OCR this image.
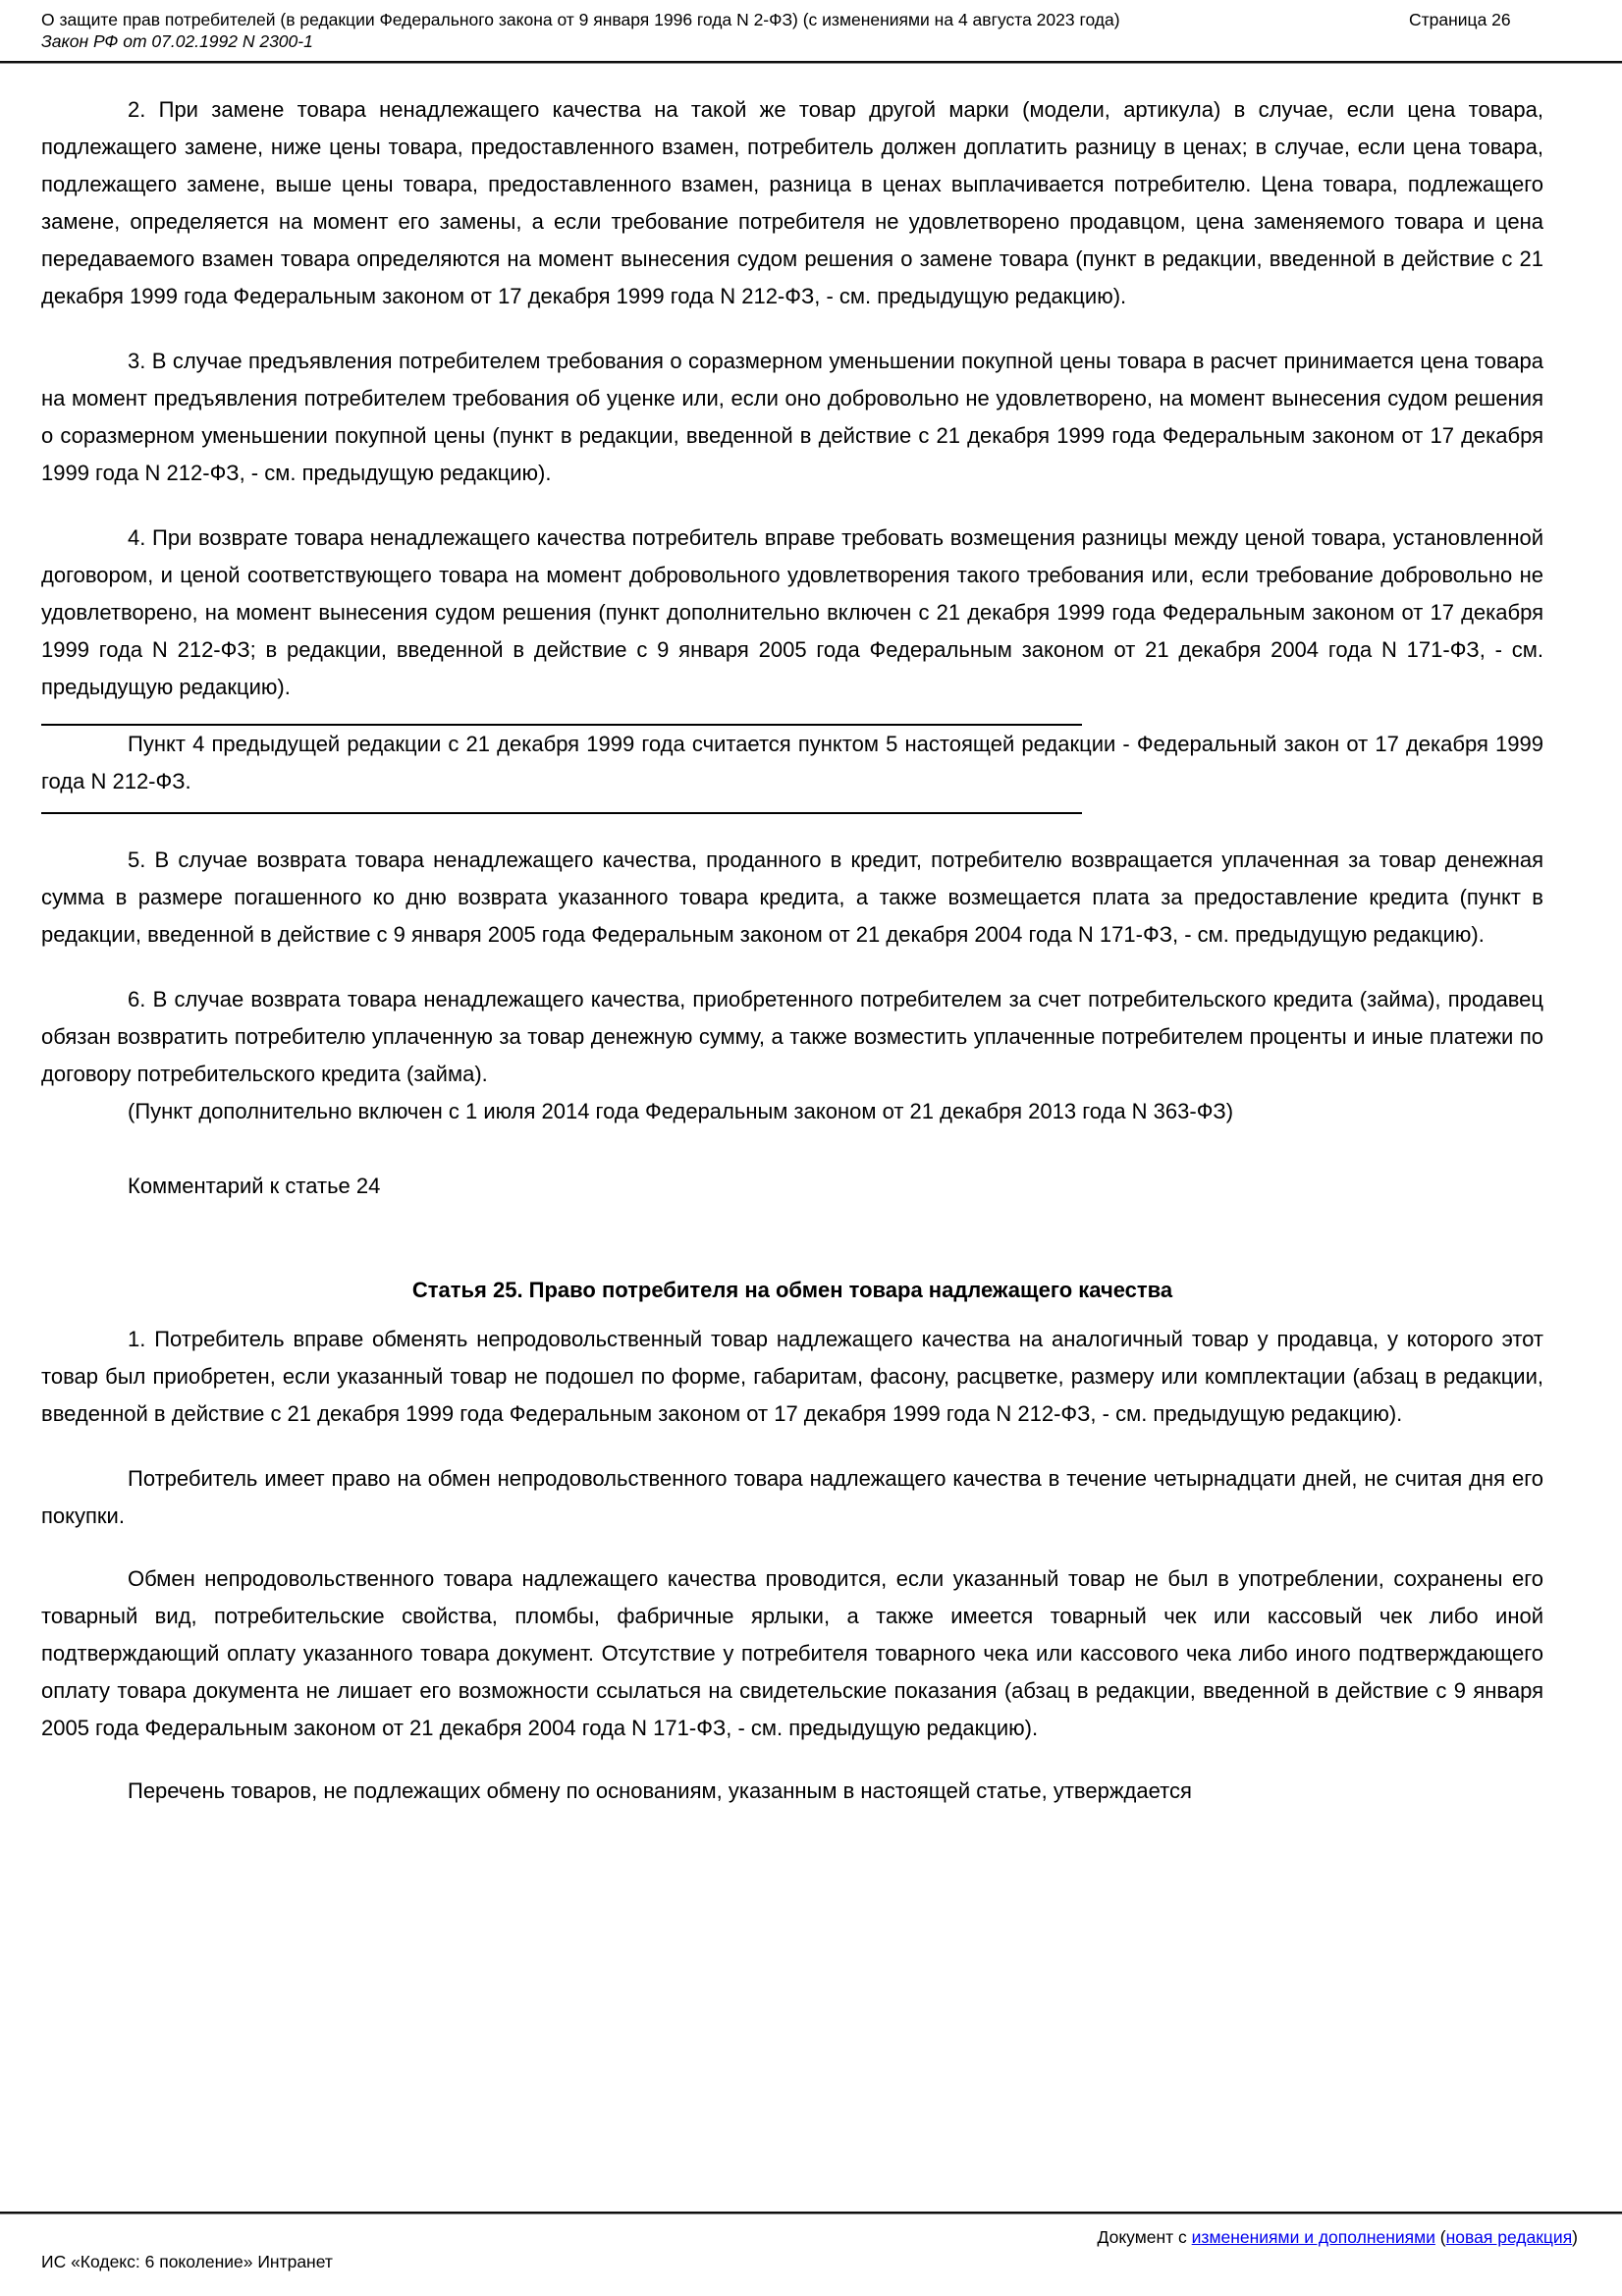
О защите прав потребителей (в редакции Федерального закона от 9 января 1996 года N 2-ФЗ) (с изменениями на 4 августа 2023 года)	Страница 26
Закон РФ от 07.02.1992 N 2300-1

2. При замене товара ненадлежащего качества на такой же товар другой марки (модели, артикула) в случае, если цена товара, подлежащего замене, ниже цены товара, предоставленного взамен, потребитель должен доплатить разницу в ценах; в случае, если цена товара, подлежащего замене, выше цены товара, предоставленного взамен, разница в ценах выплачивается потребителю. Цена товара, подлежащего замене, определяется на момент его замены, а если требование потребителя не удовлетворено продавцом, цена заменяемого товара и цена передаваемого взамен товара определяются на момент вынесения судом решения о замене товара (пункт в редакции, введенной в действие с 21 декабря 1999 года Федеральным законом от 17 декабря 1999 года N 212-ФЗ, - см. предыдущую редакцию).

3. В случае предъявления потребителем требования о соразмерном уменьшении покупной цены товара в расчет принимается цена товара на момент предъявления потребителем требования об уценке или, если оно добровольно не удовлетворено, на момент вынесения судом решения о соразмерном уменьшении покупной цены (пункт в редакции, введенной в действие с 21 декабря 1999 года Федеральным законом от 17 декабря 1999 года N 212-ФЗ, - см. предыдущую редакцию).

4. При возврате товара ненадлежащего качества потребитель вправе требовать возмещения разницы между ценой товара, установленной договором, и ценой соответствующего товара на момент добровольного удовлетворения такого требования или, если требование добровольно не удовлетворено, на момент вынесения судом решения (пункт дополнительно включен с 21 декабря 1999 года Федеральным законом от 17 декабря 1999 года N 212-ФЗ; в редакции, введенной в действие с 9 января 2005 года Федеральным законом от 21 декабря 2004 года N 171-ФЗ, - см. предыдущую редакцию).

Пункт 4 предыдущей редакции с 21 декабря 1999 года считается пунктом 5 настоящей редакции - Федеральный закон от 17 декабря 1999 года N 212-ФЗ.

5. В случае возврата товара ненадлежащего качества, проданного в кредит, потребителю возвращается уплаченная за товар денежная сумма в размере погашенного ко дню возврата указанного товара кредита, а также возмещается плата за предоставление кредита (пункт в редакции, введенной в действие с 9 января 2005 года Федеральным законом от 21 декабря 2004 года N 171-ФЗ, - см. предыдущую редакцию).

6. В случае возврата товара ненадлежащего качества, приобретенного потребителем за счет потребительского кредита (займа), продавец обязан возвратить потребителю уплаченную за товар денежную сумму, а также возместить уплаченные потребителем проценты и иные платежи по договору потребительского кредита (займа).

(Пункт дополнительно включен с 1 июля 2014 года Федеральным законом от 21 декабря 2013 года N 363-ФЗ)

Комментарий к статье 24

Статья 25. Право потребителя на обмен товара надлежащего качества

1. Потребитель вправе обменять непродовольственный товар надлежащего качества на аналогичный товар у продавца, у которого этот товар был приобретен, если указанный товар не подошел по форме, габаритам, фасону, расцветке, размеру или комплектации (абзац в редакции, введенной в действие с 21 декабря 1999 года Федеральным законом от 17 декабря 1999 года N 212-ФЗ, - см. предыдущую редакцию).

Потребитель имеет право на обмен непродовольственного товара надлежащего качества в течение четырнадцати дней, не считая дня его покупки.

Обмен непродовольственного товара надлежащего качества проводится, если указанный товар не был в употреблении, сохранены его товарный вид, потребительские свойства, пломбы, фабричные ярлыки, а также имеется товарный чек или кассовый чек либо иной подтверждающий оплату указанного товара документ. Отсутствие у потребителя товарного чека или кассового чека либо иного подтверждающего оплату товара документа не лишает его возможности ссылаться на свидетельские показания (абзац в редакции, введенной в действие с 9 января 2005 года Федеральным законом от 21 декабря 2004 года N 171-ФЗ, - см. предыдущую редакцию).

Перечень товаров, не подлежащих обмену по основаниям, указанным в настоящей статье, утверждается

Документ с изменениями и дополнениями (новая редакция)
ИС «Кодекс: 6 поколение» Интранет
